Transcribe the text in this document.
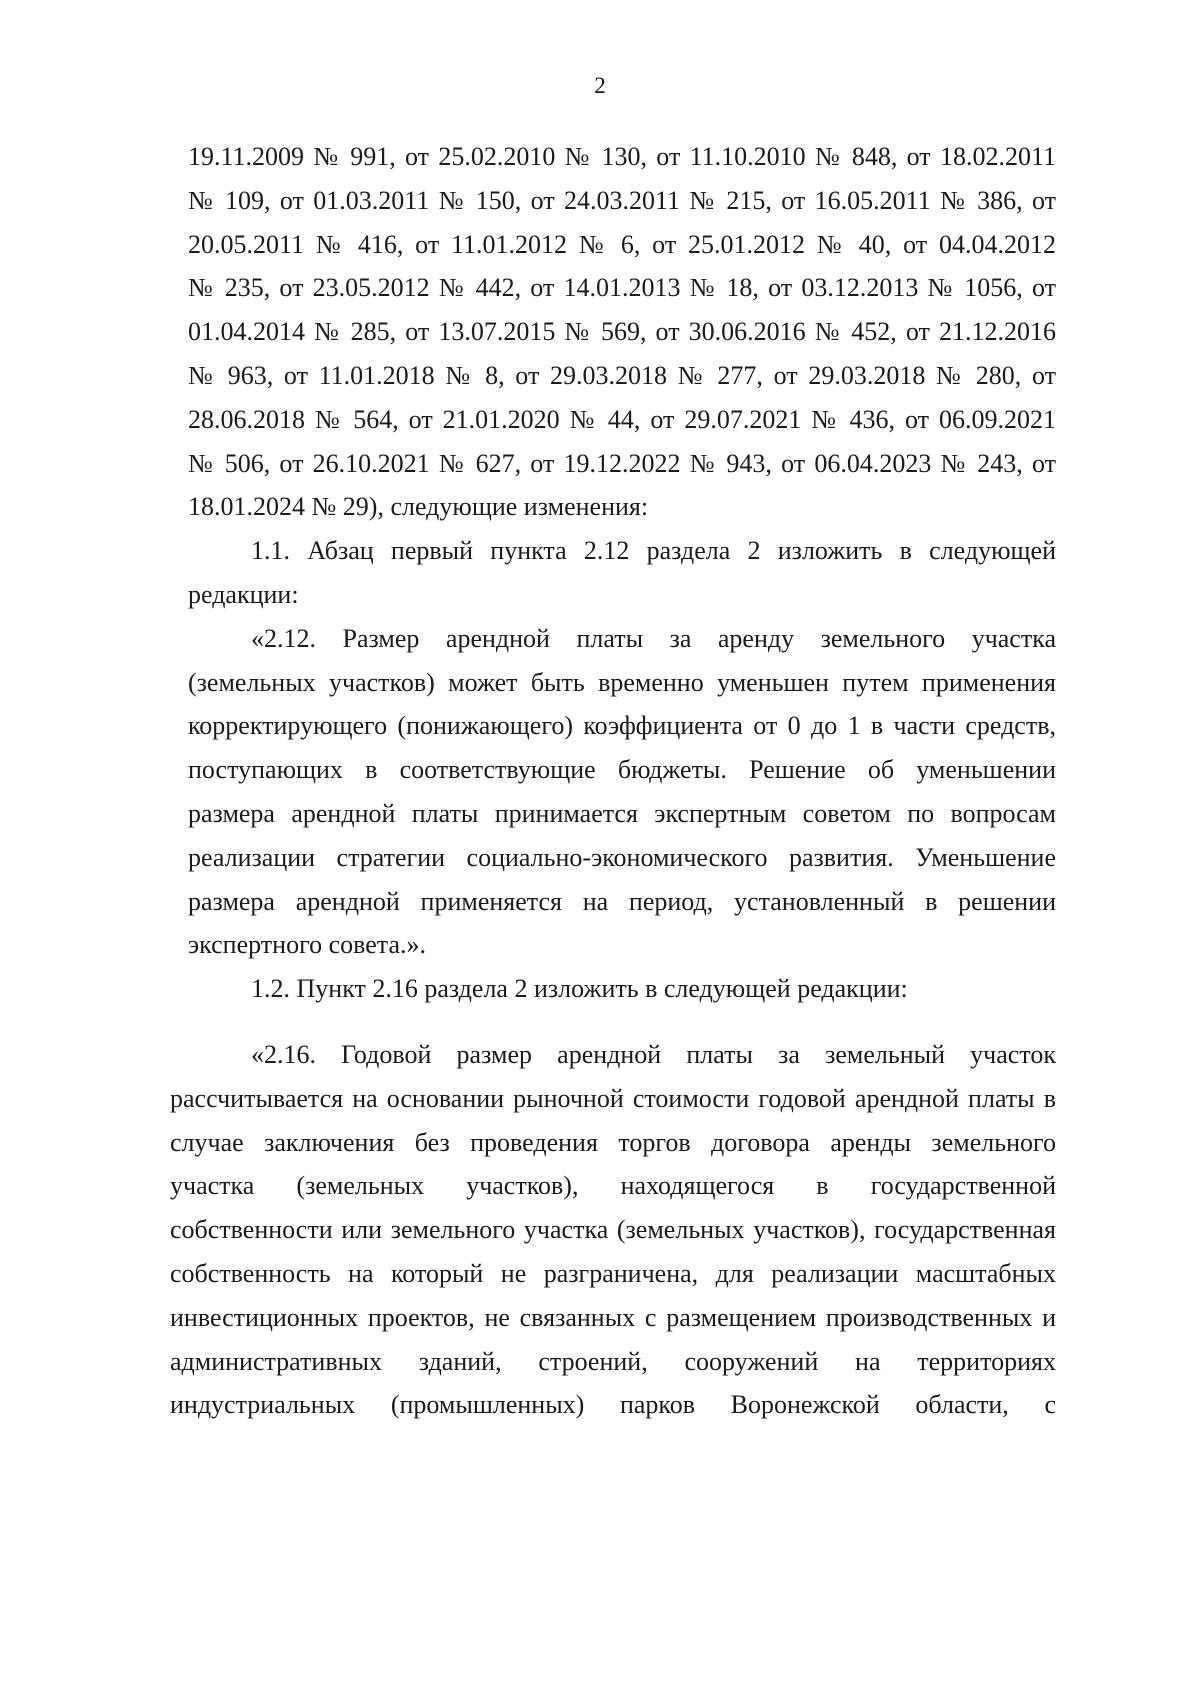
2
19.11.2009 № 991, от 25.02.2010 № 130, от 11.10.2010 № 848, от 18.02.2011
№ 109, от 01.03.2011 № 150, от 24.03.2011 № 215, от 16.05.2011 № 386, от
20.05.2011 № 416, от 11.01.2012 № 6, от 25.01.2012 № 40, от 04.04.2012
№ 235, от 23.05.2012 № 442, от 14.01.2013 № 18, от 03.12.2013 № 1056, от
01.04.2014 № 285, от 13.07.2015 № 569, от 30.06.2016 № 452, от 21.12.2016
№ 963, от 11.01.2018 № 8, от 29.03.2018 № 277, от 29.03.2018 № 280, от
28.06.2018 № 564, от 21.01.2020 № 44, от 29.07.2021 № 436, от 06.09.2021
№ 506, от 26.10.2021 № 627, от 19.12.2022 № 943, от 06.04.2023 № 243, от
18.01.2024 № 29), следующие изменения:
1.1. Абзац первый пункта 2.12 раздела 2 изложить в следующей
редакции:
«2.12. Размер арендной платы за аренду земельного участка
(земельных участков) может быть временно уменьшен путем применения
корректирующего (понижающего) коэффициента от 0 до 1 в части средств,
поступающих в соответствующие бюджеты. Решение об уменьшении
размера арендной платы принимается экспертным советом по вопросам
реализации стратегии социально-экономического развития. Уменьшение
размера арендной применяется на период, установленный в решении
экспертного совета.».
1.2. Пункт 2.16 раздела 2 изложить в следующей редакции:
«2.16. Годовой размер арендной платы за земельный участок
рассчитывается на основании рыночной стоимости годовой арендной платы в
случае заключения без проведения торгов договора аренды земельного
участка (земельных участков), находящегося в государственной
собственности или земельного участка (земельных участков), государственная
собственность на который не разграничена, для реализации масштабных
инвестиционных проектов, не связанных с размещением производственных и
административных зданий, строений, сооружений на территориях
индустриальных (промышленных) парков Воронежской области, с
